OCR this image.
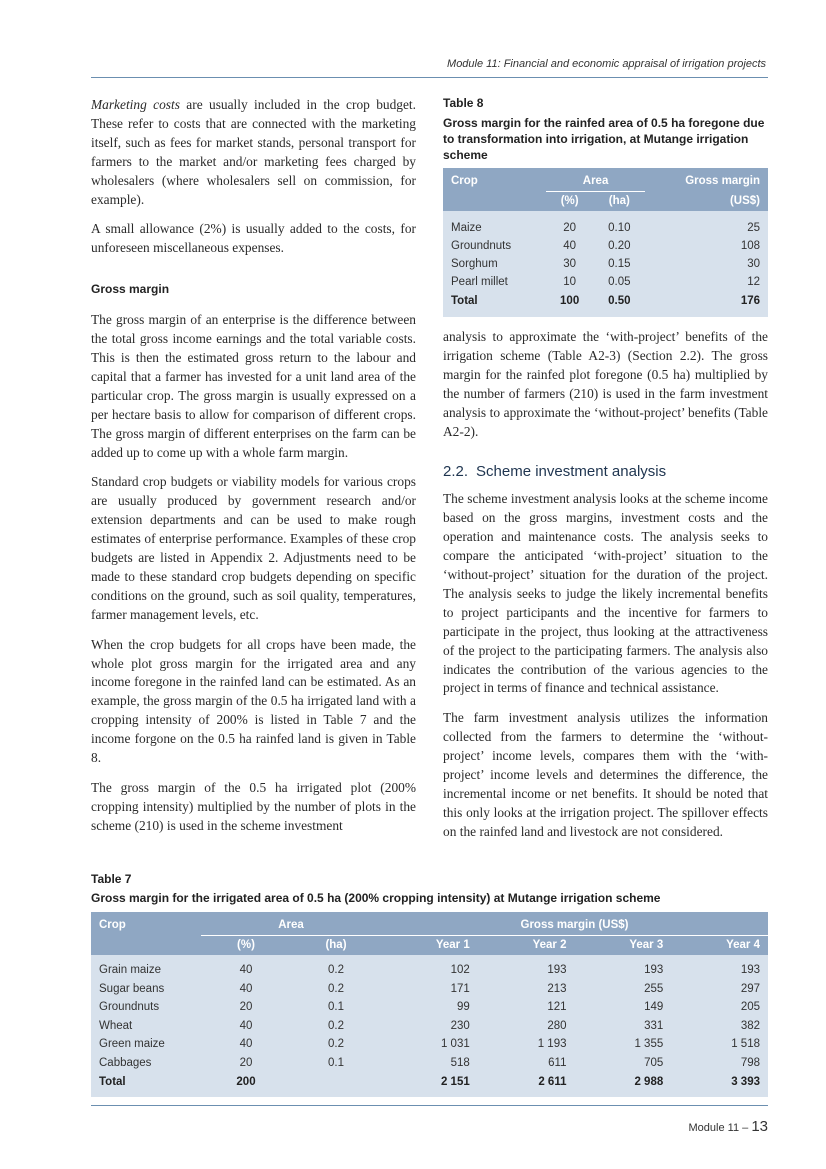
Module 11: Financial and economic appraisal of irrigation projects

Marketing costs are usually included in the crop budget. These refer to costs that are connected with the marketing itself, such as fees for market stands, personal transport for farmers to the market and/or marketing fees charged by wholesalers (where wholesalers sell on commission, for example).

A small allowance (2%) is usually added to the costs, for unforeseen miscellaneous expenses.

Gross margin

The gross margin of an enterprise is the difference between the total gross income earnings and the total variable costs. This is then the estimated gross return to the labour and capital that a farmer has invested for a unit land area of the particular crop. The gross margin is usually expressed on a per hectare basis to allow for comparison of different crops. The gross margin of different enterprises on the farm can be added up to come up with a whole farm margin.

Standard crop budgets or viability models for various crops are usually produced by government research and/or extension departments and can be used to make rough estimates of enterprise performance. Examples of these crop budgets are listed in Appendix 2. Adjustments need to be made to these standard crop budgets depending on specific conditions on the ground, such as soil quality, temperatures, farmer management levels, etc.

When the crop budgets for all crops have been made, the whole plot gross margin for the irrigated area and any income foregone in the rainfed land can be estimated. As an example, the gross margin of the 0.5 ha irrigated land with a cropping intensity of 200% is listed in Table 7 and the income forgone on the 0.5 ha rainfed land is given in Table 8.

The gross margin of the 0.5 ha irrigated plot (200% cropping intensity) multiplied by the number of plots in the scheme (210) is used in the scheme investment

Table 8
Gross margin for the rainfed area of 0.5 ha foregone due to transformation into irrigation, at Mutange irrigation scheme
Crop	Area		Gross margin
	(%)	(ha)	(US$)

Maize	20	0.10	25
Groundnuts	40	0.20	108
Sorghum	30	0.15	30
Pearl millet	10	0.05	12
Total	100	0.50	176

analysis to approximate the ‘with-project’ benefits of the irrigation scheme (Table A2-3) (Section 2.2). The gross margin for the rainfed plot foregone (0.5 ha) multiplied by the number of farmers (210) is used in the farm investment analysis to approximate the ‘without-project’ benefits (Table A2-2).

2.2. Scheme investment analysis

The scheme investment analysis looks at the scheme income based on the gross margins, investment costs and the operation and maintenance costs. The analysis seeks to compare the anticipated ‘with-project’ situation to the ‘without-project’ situation for the duration of the project. The analysis seeks to judge the likely incremental benefits to project participants and the incentive for farmers to participate in the project, thus looking at the attractiveness of the project to the participating farmers. The analysis also indicates the contribution of the various agencies to the project in terms of finance and technical assistance.

The farm investment analysis utilizes the information collected from the farmers to determine the ‘without-project’ income levels, compares them with the ‘with-project’ income levels and determines the difference, the incremental income or net benefits. It should be noted that this only looks at the irrigation project. The spillover effects on the rainfed land and livestock are not considered.

Table 7
Gross margin for the irrigated area of 0.5 ha (200% cropping intensity) at Mutange irrigation scheme
Crop	Area		Gross margin (US$)			
	(%)	(ha)	Year 1	Year 2	Year 3	Year 4

Grain maize	40	0.2	102	193	193	193
Sugar beans	40	0.2	171	213	255	297
Groundnuts	20	0.1	99	121	149	205
Wheat	40	0.2	230	280	331	382
Green maize	40	0.2	1 031	1 193	1 355	1 518
Cabbages	20	0.1	518	611	705	798
Total	200		2 151	2 611	2 988	3 393

Module 11 – 13
